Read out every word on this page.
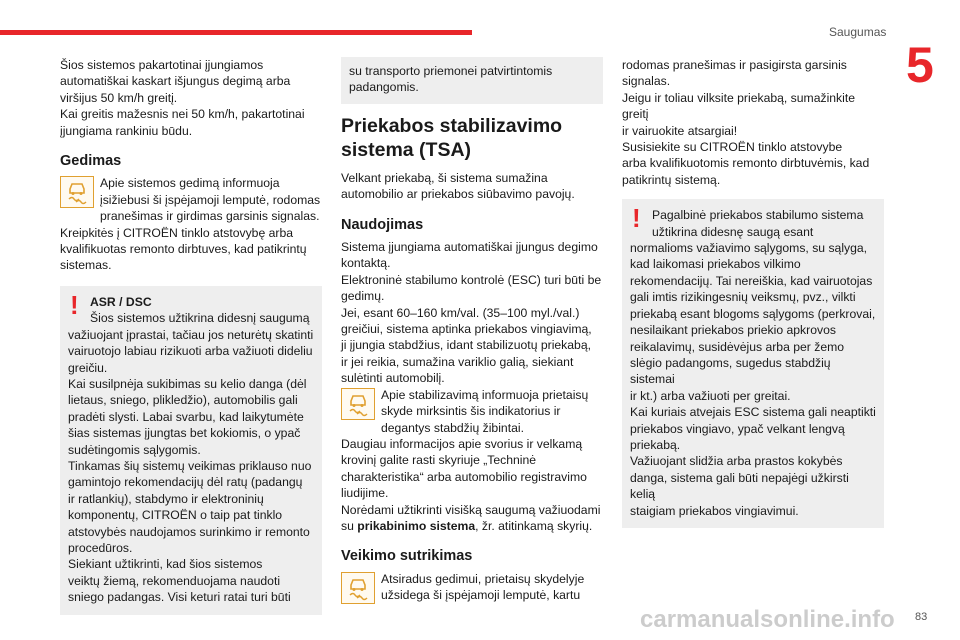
Saugumas
5

Šios sistemos pakartotinai įjungiamos
automatiškai kaskart išjungus degimą arba
viršijus 50 km/h greitį.
Kai greitis mažesnis nei 50 km/h, pakartotinai
įjungiama rankiniu būdu.

Gedimas

Apie sistemos gedimą informuoja
įsižiebusi ši įspėjamoji lemputė, rodomas
pranešimas ir girdimas garsinis signalas.
Kreipkitės į CITROËN tinklo atstovybę arba
kvalifikuotas remonto dirbtuves, kad patikrintų
sistemas.

! ASR / DSC
Šios sistemos užtikrina didesnį saugumą
važiuojant įprastai, tačiau jos neturėtų skatinti
vairuotojo labiau rizikuoti arba važiuoti dideliu
greičiu.
Kai susilpnėja sukibimas su kelio danga (dėl
lietaus, sniego, plikledžio), automobilis gali
pradėti slysti. Labai svarbu, kad laikytumėte
šias sistemas įjungtas bet kokiomis, o ypač
sudėtingomis sąlygomis.
Tinkamas šių sistemų veikimas priklauso nuo
gamintojo rekomendacijų dėl ratų (padangų
ir ratlankių), stabdymo ir elektroninių
komponentų, CITROËN o taip pat tinklo
atstovybės naudojamos surinkimo ir remonto
procedūros.
Siekiant užtikrinti, kad šios sistemos
veiktų žiemą, rekomenduojama naudoti
sniego padangas. Visi keturi ratai turi būti
su transporto priemonei patvirtintomis
padangomis.
Priekabos stabilizavimo
sistema (TSA)

Velkant priekabą, ši sistema sumažina
automobilio ar priekabos siūbavimo pavojų.

Naudojimas

Sistema įjungiama automatiškai įjungus degimo
kontaktą.
Elektroninė stabilumo kontrolė (ESC) turi būti be
gedimų.
Jei, esant 60–160 km/val. (35–100 myl./val.)
greičiui, sistema aptinka priekabos vingiavimą,
ji įjungia stabdžius, idant stabilizuotų priekabą,
ir jei reikia, sumažina variklio galią, siekiant
sulėtinti automobilį.

Apie stabilizavimą informuoja prietaisų
skyde mirksintis šis indikatorius ir
degantys stabdžių žibintai.
Daugiau informacijos apie svorius ir velkamą
krovinį galite rasti skyriuje „Techninė
charakteristika“ arba automobilio registravimo
liudijime.
Norėdami užtikrinti visišką saugumą važiuodami
su prikabinimo sistema, žr. atitinkamą skyrių.

Veikimo sutrikimas

Atsiradus gedimui, prietaisų skydelyje
užsidega ši įspėjamoji lemputė, kartu

rodomas pranešimas ir pasigirsta garsinis
signalas.
Jeigu ir toliau vilksite priekabą, sumažinkite greitį
ir vairuokite atsargiai!
Susisiekite su CITROËN tinklo atstovybe
arba kvalifikuotomis remonto dirbtuvėmis, kad
patikrintų sistemą.

! Pagalbinė priekabos stabilumo sistema
užtikrina didesnę saugą esant
normalioms važiavimo sąlygoms, su sąlyga,
kad laikomasi priekabos vilkimo
rekomendacijų. Tai nereiškia, kad vairuotojas
gali imtis rizikingesnių veiksmų, pvz., vilkti
priekabą esant blogoms sąlygoms (perkrovai,
nesilaikant priekabos priekio apkrovos
reikalavimų, susidėvėjus arba per žemo
slėgio padangoms, sugedus stabdžių sistemai
ir kt.) arba važiuoti per greitai.
Kai kuriais atvejais ESC sistema gali neaptikti
priekabos vingiavo, ypač velkant lengvą
priekabą.
Važiuojant slidžia arba prastos kokybės
danga, sistema gali būti nepajėgi užkirsti kelią
staigiam priekabos vingiavimui.
83
carmanualsonline.info
